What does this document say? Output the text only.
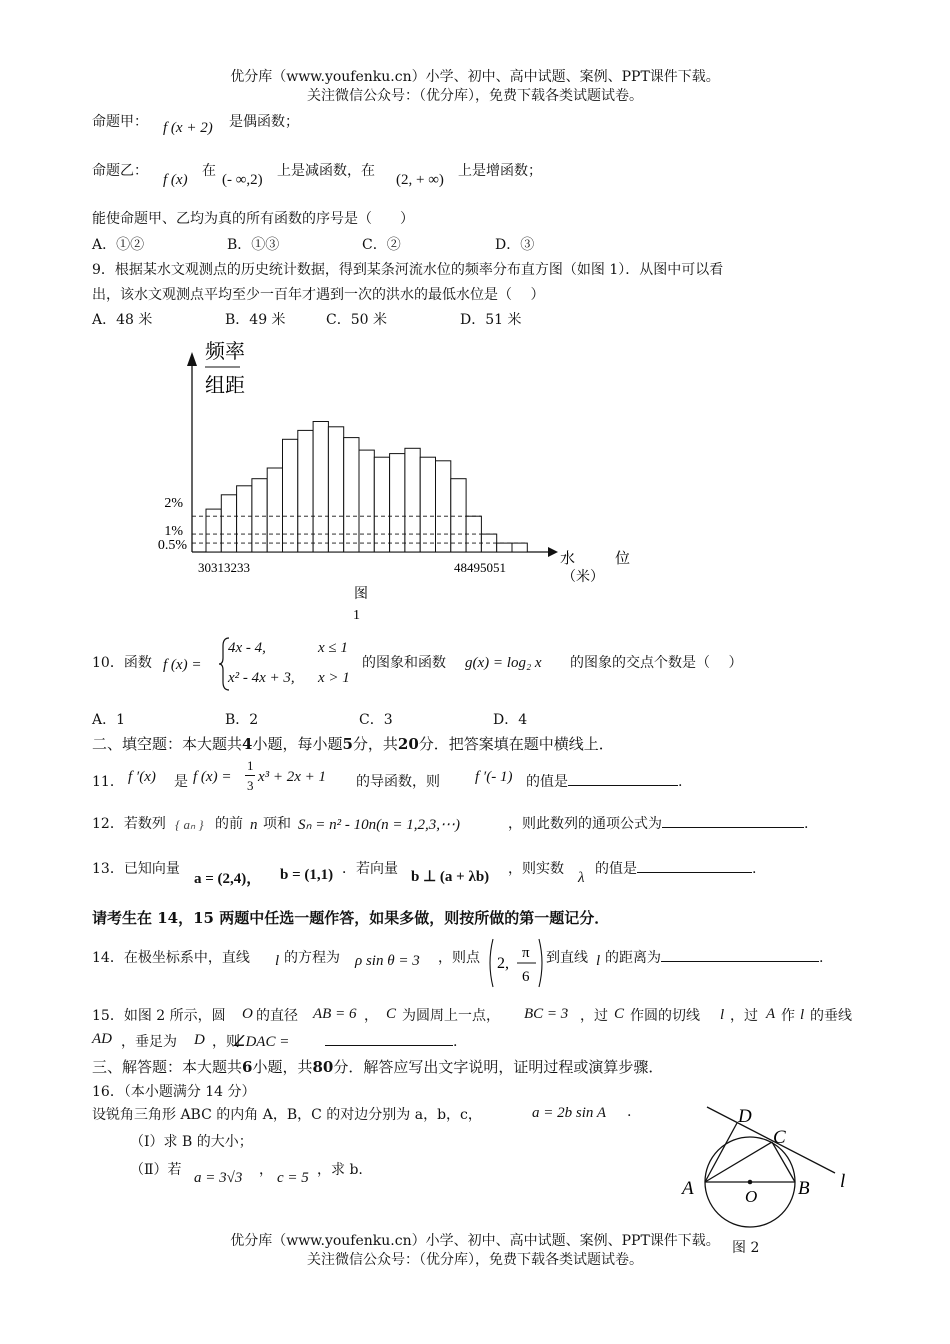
优分库（www.youfenku.cn）小学、初中、高中试题、案例、PPT课件下载。
关注微信公众号：（优分库），免费下载各类试题试卷。
命题甲： f (x + 2) 是偶函数；
命题乙：
f (x)
在
(- ∞,2)
上是减函数，在
(2, + ∞)
上是增函数；
能使命题甲、乙均为真的所有函数的序号是（　　）
A．①②	B．①③	C．②	D．③
9．根据某水文观测点的历史统计数据，得到某条河流水位的频率分布直方图（如图 1）．从图中可以看
出，该水文观测点平均至少一百年才遇到一次的洪水的最低水位是（　 ）
A．48 米	B．49 米	C．50 米	D．51 米
频率
组距
2%
1%
0.5%
30313233	48495051
水	位
（米）
图
1
10．函数 f (x) =
4x - 4,	x ≤ 1
x² - 4x + 3, x > 1
的图象和函数 g(x) = log₂ x 的图象的交点个数是（　 ）
A．1	B．2	C．3	D．4
二、填空题：本大题共4小题，每小题5分，共20分．把答案填在题中横线上．
11． f ′(x) 是 f (x) =
1
3
x³ + 2x + 1 的导函数，则 f ′(- 1) 的值是	.
12．若数列 { aₙ } 的前 n 项和 Sₙ = n² - 10n(n = 1,2,3,⋯)	，则此数列的通项公式为	.
13．已知向量
a = (2,4)， b = (1,1) ．若向量 b ⊥ (a + λb) ，则实数
λ
的值是	.
请考生在 14，15 两题中任选一题作答，如果多做，则按所做的第一题记分．
14．在极坐标系中，直线 l 的方程为 ρ sin θ = 3 ，则点 2,
π
6
到直线 l 的距离为	.
15．如图 2 所示，圆 O 的直径 AB = 6 ， C 为圆周上一点， BC = 3 ，过 C 作圆的切线 l ，过 A 作 l 的垂线
AD ，垂足为 D ，则
∠DAC =	.
三、解答题：本大题共6小题，共80分．解答应写出文字说明，证明过程或演算步骤．
16．（本小题满分 14 分）
设锐角三角形 ABC 的内角 A，B，C 的对边分别为 a，b，c，	a = 2b sin A .
（Ⅰ）求 B 的大小；
（Ⅱ）若 a = 3√3 ， c = 5 ，求 b.
A	B
C
D
O
l
图 2
优分库（www.youfenku.cn）小学、初中、高中试题、案例、PPT课件下载。
关注微信公众号：（优分库），免费下载各类试题试卷。
